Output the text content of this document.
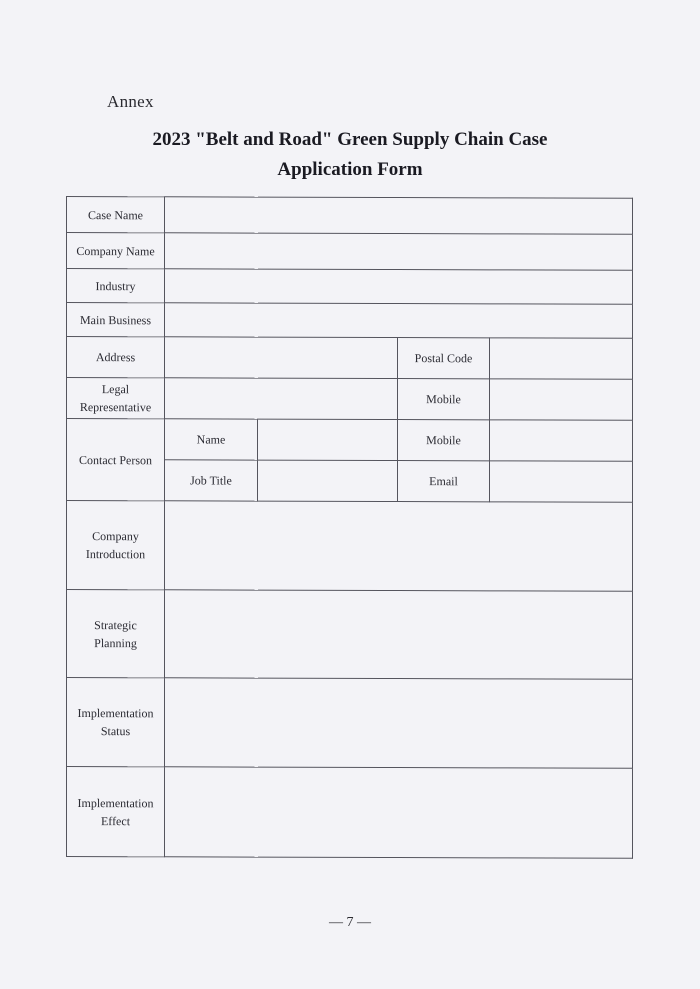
Annex
2023 "Belt and Road" Green Supply Chain Case
Application Form
Case Name				
Company Name				
Industry				
Main Business				
Address			Postal Code	
Legal
Representative			Mobile	
Contact Person	Name		Mobile	
	Job Title		Email	
Company
Introduction				
Strategic
Planning				
Implementation
Status				
Implementation
Effect				
— 7 —
